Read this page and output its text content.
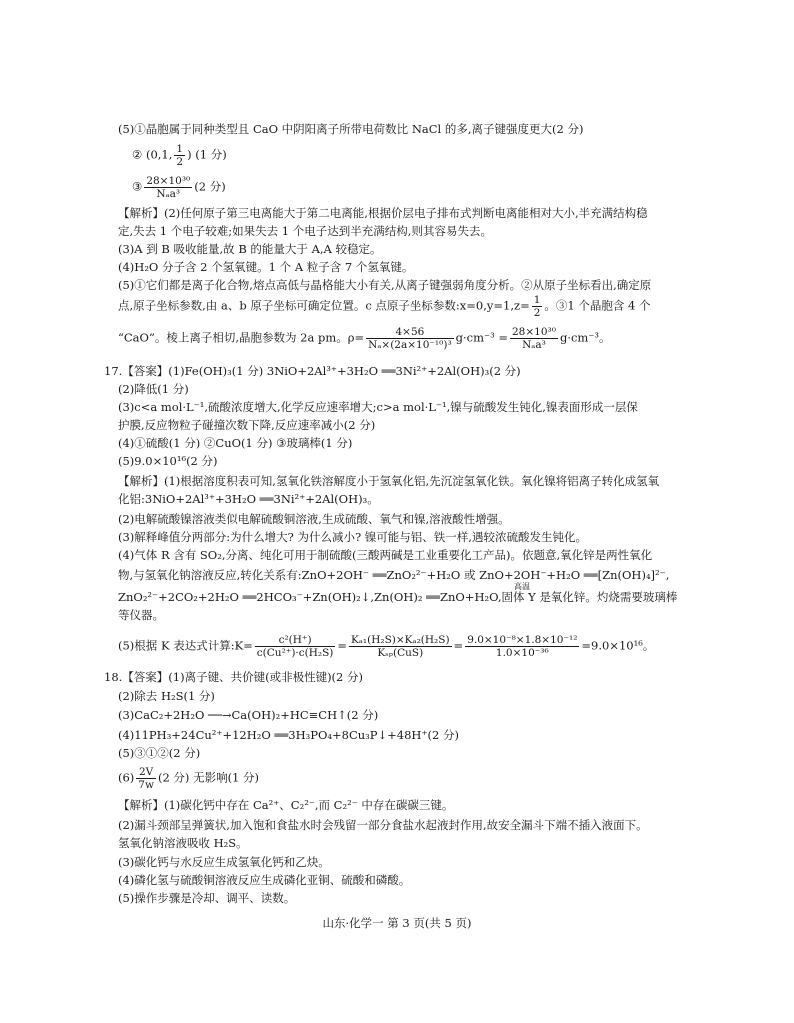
(5)①晶胞属于同种类型且 CaO 中阴阳离子所带电荷数比 NaCl 的多,离子键强度更大(2 分)
② (0,1, $\frac{1}{2}$ ) (1 分)
③ $\frac{\text{28×10³⁰}}{\text{Nₐa³}} (2$ 分)
【解析】(2)任何原子第三电离能大于第二电离能,根据价层电子排布式判断电离能相对大小,半充满结构稳
定,失去 1 个电子较难;如果失去 1 个电子达到半充满结构,则其容易失去。
(3)A 到 B 吸收能量,故 B 的能量大于 A,A 较稳定。
(4)H₂O 分子含 2 个氢氧键。1 个 A 粒子含 7 个氢氧键。
(5)①它们都是离子化合物,熔点高低与晶格能大小有关,从离子键强弱角度分析。②从原子坐标看出,确定原
点,原子坐标参数,由 a、b 原子坐标可确定位置。c 点原子坐标参数:x=0,y=1,z= $\frac{1}{2}$ 。③1 个晶胞含 4 个
“CaO”。棱上离子相切,晶胞参数为 2a pm。$\rho= \frac{4\times 56}{\text{Nₐ×(2a×10⁻¹⁰)³}} g\cdot cm^{-3} = \frac{\text{28×10³⁰}}{\text{Nₐa³}} g\cdot cm^{-3}$。
17.【答案】(1)Fe(OH)₃(1 分) 3NiO+2Al³⁺+3H₂O ══3Ni²⁺+2Al(OH)₃(2 分)
(2)降低(1 分)
(3)c<a mol·L⁻¹,硫酸浓度增大,化学反应速率增大;c>a mol·L⁻¹,镍与硫酸发生钝化,镍表面形成一层保
护膜,反应物粒子碰撞次数下降,反应速率减小(2 分)
(4)①硫酸(1 分) ②CuO(1 分) ③玻璃棒(1 分)
(5)9.0×10¹⁶(2 分)
【解析】(1)根据溶度积表可知,氢氧化铁溶解度小于氢氧化铝,先沉淀氢氧化铁。氧化镍将铝离子转化成氢氧
化铝:3NiO+2Al³⁺+3H₂O ══3Ni²⁺+2Al(OH)₃。
(2)电解硫酸镍溶液类似电解硫酸铜溶液,生成硫酸、氧气和镍,溶液酸性增强。
(3)解释峰值分两部分:为什么增大? 为什么减小? 镍可能与铝、铁一样,遇较浓硫酸发生钝化。
(4)气体 R 含有 SO₂,分离、纯化可用于制硫酸(三酸两碱是工业重要化工产品)。依题意,氧化锌是两性氧化
物,与氢氧化钠溶液反应,转化关系有:ZnO+2OH⁻ ══ZnO₂²⁻+H₂O 或 ZnO+2OH⁻+H₂O ══[Zn(OH)₄]²⁻,
高温
ZnO₂²⁻+2CO₂+2H₂O ══2HCO₃⁻+Zn(OH)₂↓,Zn(OH)₂ ══ZnO+H₂O,固体 Y 是氧化锌。灼烧需要玻璃棒
等仪器。
(5)根据 K 表达式计算:K= $\frac{\text{c²(H⁺)}}{\text{c(Cu²⁺)·c(H₂S)}} = \frac{\text{Kₐ₁(H₂S)×Kₐ₂(H₂S)}}{\text{Kₛₚ(CuS)}} = \frac{\text{9.0×10⁻⁸×1.8×10⁻¹²}}{\text{1.0×10⁻³⁶}} =9.0\times 10^{16}$。
18.【答案】(1)离子键、共价键(或非极性键)(2 分)
(2)除去 H₂S(1 分)
(3)CaC₂+2H₂O ──→Ca(OH)₂+HC≡CH↑(2 分)
(4)11PH₃+24Cu²⁺+12H₂O ══3H₃PO₄+8Cu₃P↓+48H⁺(2 分)
(5)③①②(2 分)
$(6) \frac{2V}{7w} (2$ 分) 无影响(1 分)
【解析】(1)碳化钙中存在 Ca²⁺、C₂²⁻,而 C₂²⁻ 中存在碳碳三键。
(2)漏斗颈部呈弹簧状,加入饱和食盐水时会残留一部分食盐水起液封作用,故安全漏斗下端不插入液面下。
氢氧化钠溶液吸收 H₂S。
(3)碳化钙与水反应生成氢氧化钙和乙炔。
(4)磷化氢与硫酸铜溶液反应生成磷化亚铜、硫酸和磷酸。
(5)操作步骤是冷却、调平、读数。
山东·化学一 第 3 页(共 5 页)
